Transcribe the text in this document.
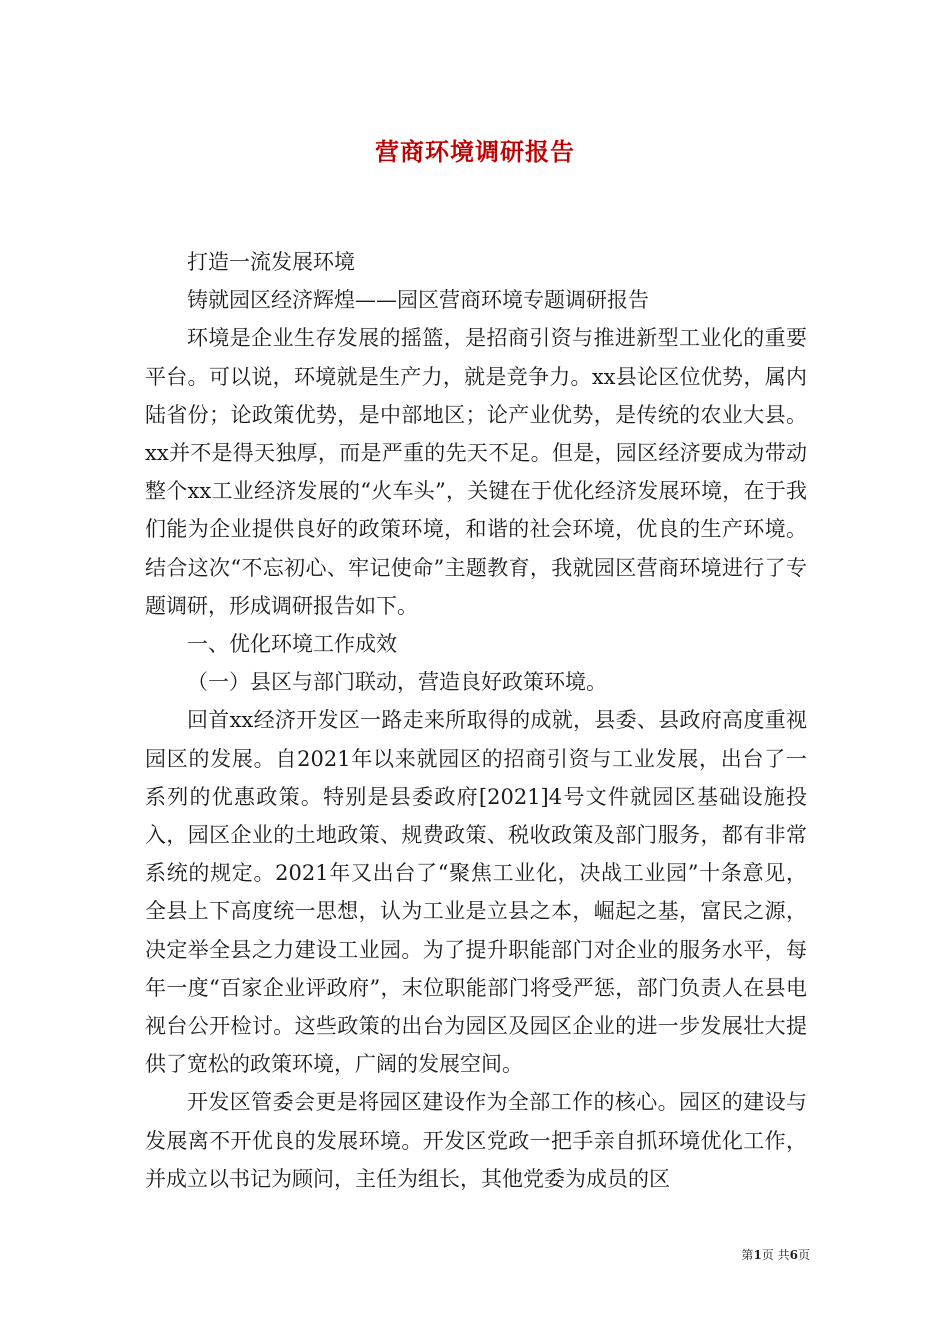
营商环境调研报告

打造一流发展环境

铸就园区经济辉煌——园区营商环境专题调研报告

环境是企业生存发展的摇篮，是招商引资与推进新型工业化的重要平台。可以说，环境就是生产力，就是竞争力。xx县论区位优势，属内陆省份；论政策优势，是中部地区；论产业优势，是传统的农业大县。xx并不是得天独厚，而是严重的先天不足。但是，园区经济要成为带动整个xx工业经济发展的“火车头”，关键在于优化经济发展环境，在于我们能为企业提供良好的政策环境，和谐的社会环境，优良的生产环境。结合这次“不忘初心、牢记使命”主题教育，我就园区营商环境进行了专题调研，形成调研报告如下。

一、优化环境工作成效

（一）县区与部门联动，营造良好政策环境。

回首xx经济开发区一路走来所取得的成就，县委、县政府高度重视园区的发展。自2021年以来就园区的招商引资与工业发展，出台了一系列的优惠政策。特别是县委政府[2021]4号文件就园区基础设施投入，园区企业的土地政策、规费政策、税收政策及部门服务，都有非常系统的规定。2021年又出台了“聚焦工业化，决战工业园”十条意见，全县上下高度统一思想，认为工业是立县之本，崛起之基，富民之源，决定举全县之力建设工业园。为了提升职能部门对企业的服务水平，每年一度“百家企业评政府”，末位职能部门将受严惩，部门负责人在县电视台公开检讨。这些政策的出台为园区及园区企业的进一步发展壮大提供了宽松的政策环境，广阔的发展空间。

开发区管委会更是将园区建设作为全部工作的核心。园区的建设与发展离不开优良的发展环境。开发区党政一把手亲自抓环境优化工作，并成立以书记为顾问，主任为组长，其他党委为成员的区

第1页 共6页
